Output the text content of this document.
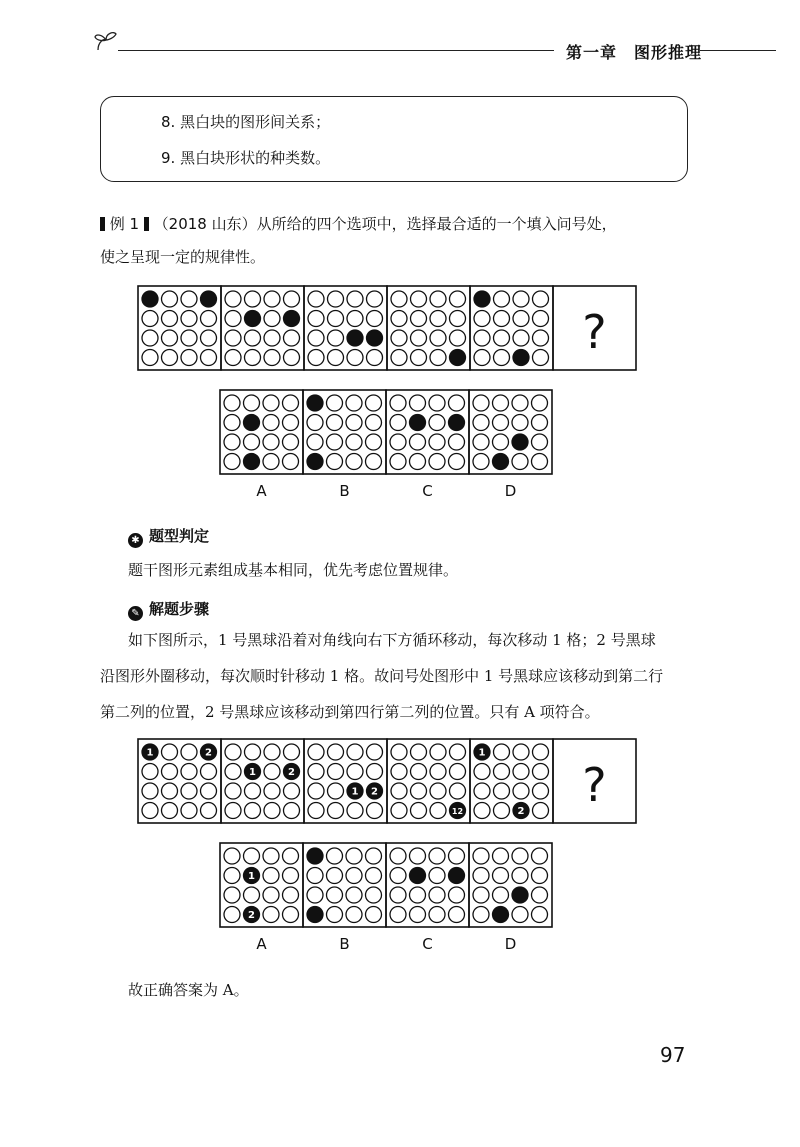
第一章　图形推理

8. 黑白块的图形间关系；

9. 黑白块形状的种类数。

例 1 （2018 山东）从所给的四个选项中，选择最合适的一个填入问号处，
使之呈现一定的规律性。
?
A	B	C	D
✱ 题型判定
题干图形元素组成基本相同，优先考虑位置规律。
✎ 解题步骤
如下图所示，1 号黑球沿着对角线向右下方循环移动，每次移动 1 格；2 号黑球
沿图形外圈移动，每次顺时针移动 1 格。故问号处图形中 1 号黑球应该移动到第二行
第二列的位置，2 号黑球应该移动到第四行第二列的位置。只有 A 项符合。
1	2
1	2
1 2
12
1
2 ?
1
2
A	B	C	D
故正确答案为 A。
97
